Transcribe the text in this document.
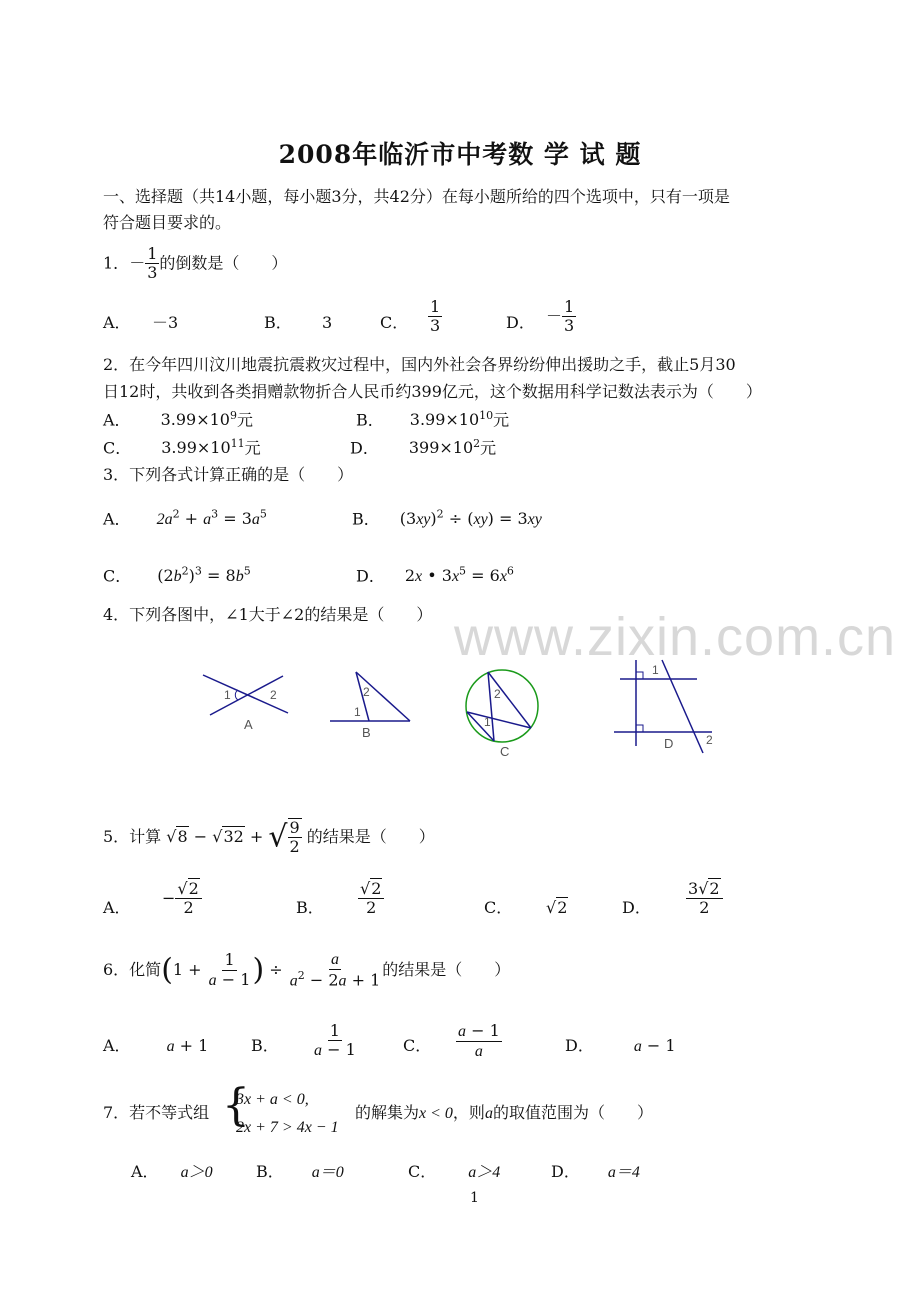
2008年临沂市中考数 学 试 题
一、选择题（共14小题，每小题3分，共42分）在每小题所给的四个选项中，只有一项是
符合题目要求的。
1．－ $\frac{1}{3}$ 的倒数是（　　）
A． －3	B． 3	C． $\frac{1}{3}$	D． － $\frac{1}{3}$
2．在今年四川汶川地震抗震救灾过程中，国内外社会各界纷纷伸出援助之手，截止5月30
日12时，共收到各类捐赠款物折合人民币约399亿元，这个数据用科学记数法表示为（　　）
A． $3.99\times 10^9$元	B． $3.99\times 10^{10}$元
C． $3.99\times 10^{11}$元	D． $399\times 10^2$元
3．下列各式计算正确的是（　　）
A． $2a^2 + a^3 = 3a^5$	B． $(3xy)^2 \div (xy) = 3xy$
C． $(2b^2)^3 = 8b^5$	D． 2x • $3x^5 = 6x^6$
4．下列各图中，∠1大于∠2的结果是（　　）
1	2
A
1
2
B
1
2
C
1
2
D
www.zixin.com.cn
5．计算 √8 − √32 + √ $\frac{9}{2}$ 的结果是（　　）
A．
− $\frac{√2}{2}$	B． $\frac{√2}{2}$	C． √2	D． $\frac{3√2}{2}$
6．化简($1 + \frac{1}{a - 1}$ ) ÷ $\frac{a}{a^2 - 2a + 1}$ 的结果是（　　）
A． a + 1	B． $\frac{1}{a - 1}$	C． $\frac{a - 1}{a}$	D．	a − 1
7．若不等式组 {
3x + a < 0,
2x + 7 > 4x − 1
的解集为x < 0，则a的取值范围为（　　）
A． a＞0	B． a＝0	C． a＞4	D． a＝4
1
